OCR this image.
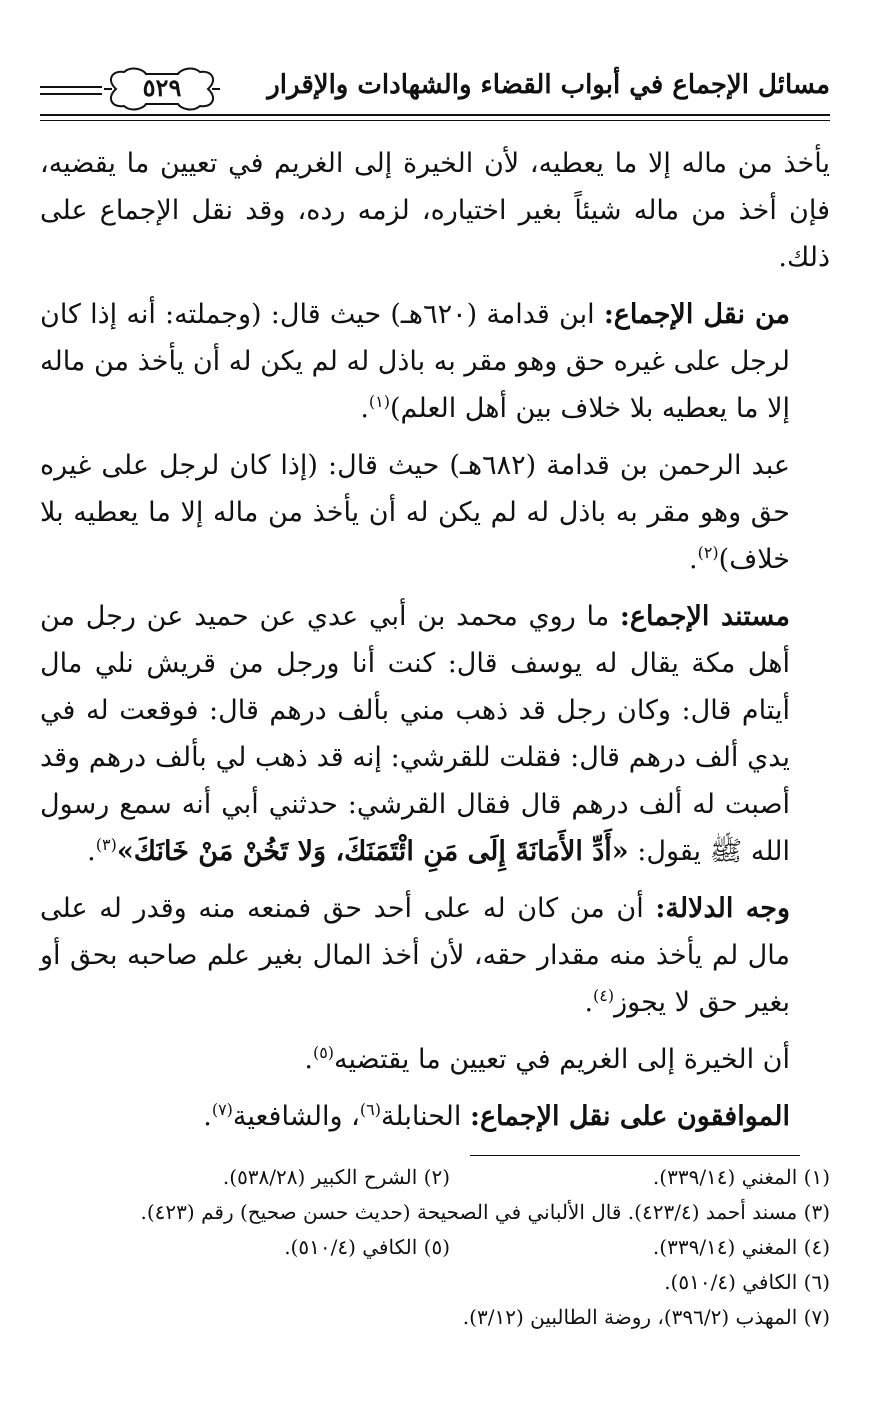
مسائل الإجماع في أبواب القضاء والشهادات والإقرار
٥٢٩

يأخذ من ماله إلا ما يعطيه، لأن الخيرة إلى الغريم في تعيين ما يقضيه، فإن أخذ من ماله شيئاً بغير اختياره، لزمه رده، وقد نقل الإجماع على ذلك.

من نقل الإجماع: ابن قدامة (٦٢٠هـ) حيث قال: (وجملته: أنه إذا كان لرجل على غيره حق وهو مقر به باذل له لم يكن له أن يأخذ من ماله إلا ما يعطيه بلا خلاف بين أهل العلم)$^{(١)}$.

عبد الرحمن بن قدامة (٦٨٢هـ) حيث قال: (إذا كان لرجل على غيره حق وهو مقر به باذل له لم يكن له أن يأخذ من ماله إلا ما يعطيه بلا خلاف)$^{(٢)}$.

مستند الإجماع: ما روي محمد بن أبي عدي عن حميد عن رجل من أهل مكة يقال له يوسف قال: كنت أنا ورجل من قريش نلي مال أيتام قال: وكان رجل قد ذهب مني بألف درهم قال: فوقعت له في يدي ألف درهم قال: فقلت للقرشي: إنه قد ذهب لي بألف درهم وقد أصبت له ألف درهم قال فقال القرشي: حدثني أبي أنه سمع رسول الله ﷺ يقول: «أَدِّ الأَمَانَةَ إِلَى مَنِ ائْتَمَنَكَ، وَلا تَخُنْ مَنْ خَانَكَ»$^{(٣)}$.

وجه الدلالة: أن من كان له على أحد حق فمنعه منه وقدر له على مال لم يأخذ منه مقدار حقه، لأن أخذ المال بغير علم صاحبه بحق أو بغير حق لا يجوز$^{(٤)}$.

أن الخيرة إلى الغريم في تعيين ما يقتضيه$^{(٥)}$.

الموافقون على نقل الإجماع: الحنابلة$^{(٦)}$، والشافعية$^{(٧)}$.

(١) المغني (٣٣٩/١٤).
(٢) الشرح الكبير (٥٣٨/٢٨).
(٣) مسند أحمد (٤٢٣/٤). قال الألباني في الصحيحة (حديث حسن صحيح) رقم (٤٢٣).
(٤) المغني (٣٣٩/١٤).
(٥) الكافي (٥١٠/٤).
(٦) الكافي (٥١٠/٤).
(٧) المهذب (٣٩٦/٢)، روضة الطالبين (٣/١٢).
